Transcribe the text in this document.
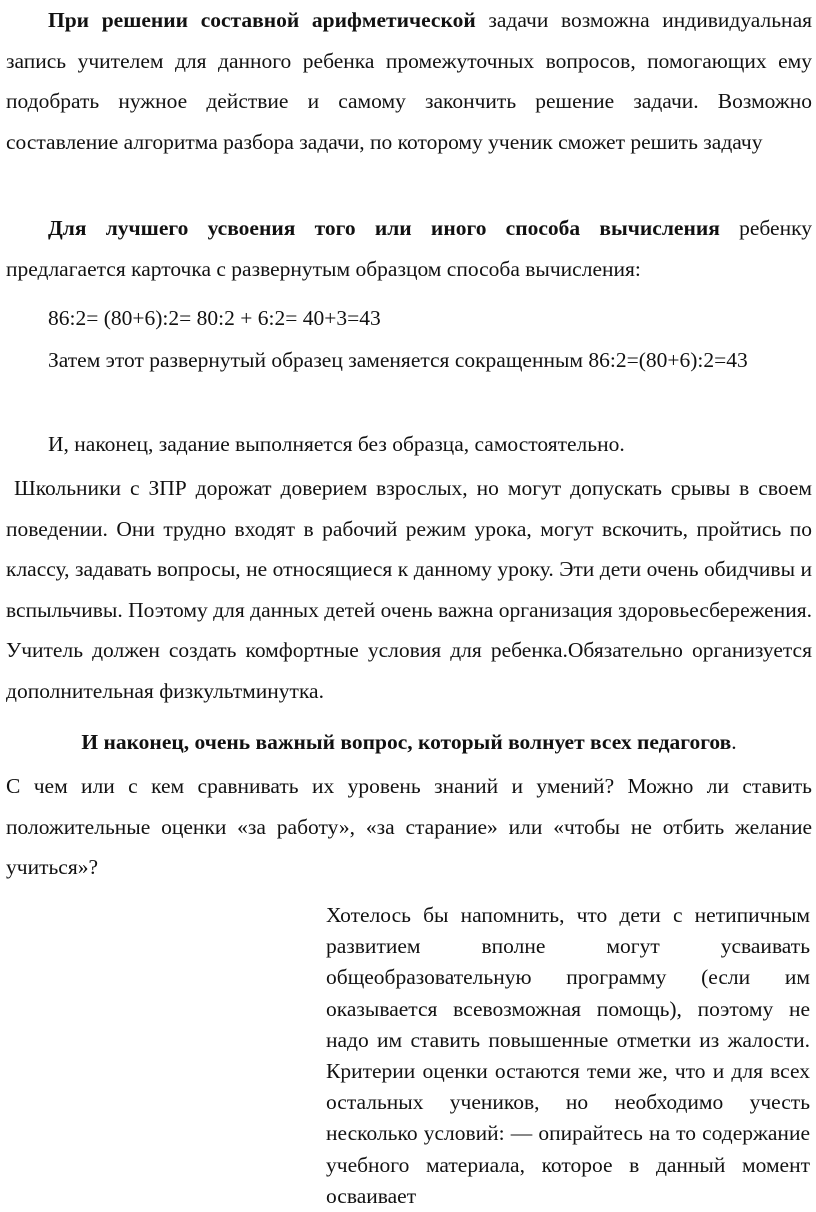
При решении составной арифметической задачи возможна индивидуальная запись учителем для данного ребенка промежуточных вопросов, помогающих ему подобрать нужное действие и самому закончить решение задачи. Возможно составление алгоритма разбора задачи, по которому ученик сможет решить задачу

Для лучшего усвоения того или иного способа вычисления ребенку предлагается карточка с развернутым образцом способа вычисления:

86:2= (80+6):2= 80:2 + 6:2= 40+3=43

Затем этот развернутый образец заменяется сокращенным 86:2=(80+6):2=43

И, наконец, задание выполняется без образца, самостоятельно.

Школьники с ЗПР дорожат доверием взрослых, но могут допускать срывы в своем поведении. Они трудно входят в рабочий режим урока, могут вскочить, пройтись по классу, задавать вопросы, не относящиеся к данному уроку. Эти дети очень обидчивы и вспыльчивы. Поэтому для данных детей очень важна организация здоровьесбережения. Учитель должен создать комфортные условия для ребенка.Обязательно организуется дополнительная физкультминутка.

И наконец, очень важный вопрос, который волнует всех педагогов.

С чем или с кем сравнивать их уровень знаний и умений? Можно ли ставить положительные оценки «за работу», «за старание» или «чтобы не отбить желание учиться»?

Хотелось бы напомнить, что дети с нетипичным развитием вполне могут усваивать общеобразовательную программу (если им оказывается всевозможная помощь), поэтому не надо им ставить повышенные отметки из жалости. Критерии оценки остаются теми же, что и для всех остальных учеников, но необходимо учесть несколько условий: — опирайтесь на то содержание учебного материала, которое в данный момент осваивает
